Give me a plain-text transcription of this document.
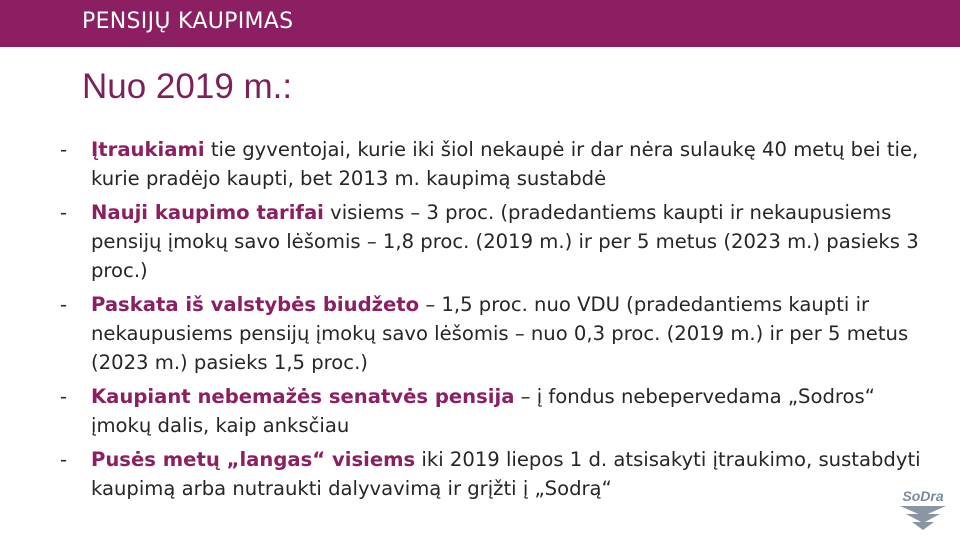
PENSIJŲ KAUPIMAS
Nuo 2019 m.:
- Įtraukiami tie gyventojai, kurie iki šiol nekaupė ir dar nėra sulaukę 40 metų bei tie, kurie pradėjo kaupti, bet 2013 m. kaupimą sustabdė
- Nauji kaupimo tarifai visiems – 3 proc. (pradedantiems kaupti ir nekaupusiems pensijų įmokų savo lėšomis – 1,8 proc. (2019 m.) ir per 5 metus (2023 m.) pasieks 3 proc.)
- Paskata iš valstybės biudžeto – 1,5 proc. nuo VDU (pradedantiems kaupti ir nekaupusiems pensijų įmokų savo lėšomis – nuo 0,3 proc. (2019 m.) ir per 5 metus (2023 m.) pasieks 1,5 proc.)
- Kaupiant nebemažės senatvės pensija – į fondus nebepervedama „Sodros“ įmokų dalis, kaip anksčiau
- Pusės metų „langas“ visiems iki 2019 liepos 1 d. atsisakyti įtraukimo, sustabdyti kaupimą arba nutraukti dalyvavimą ir grįžti į „Sodrą“	SoDra
